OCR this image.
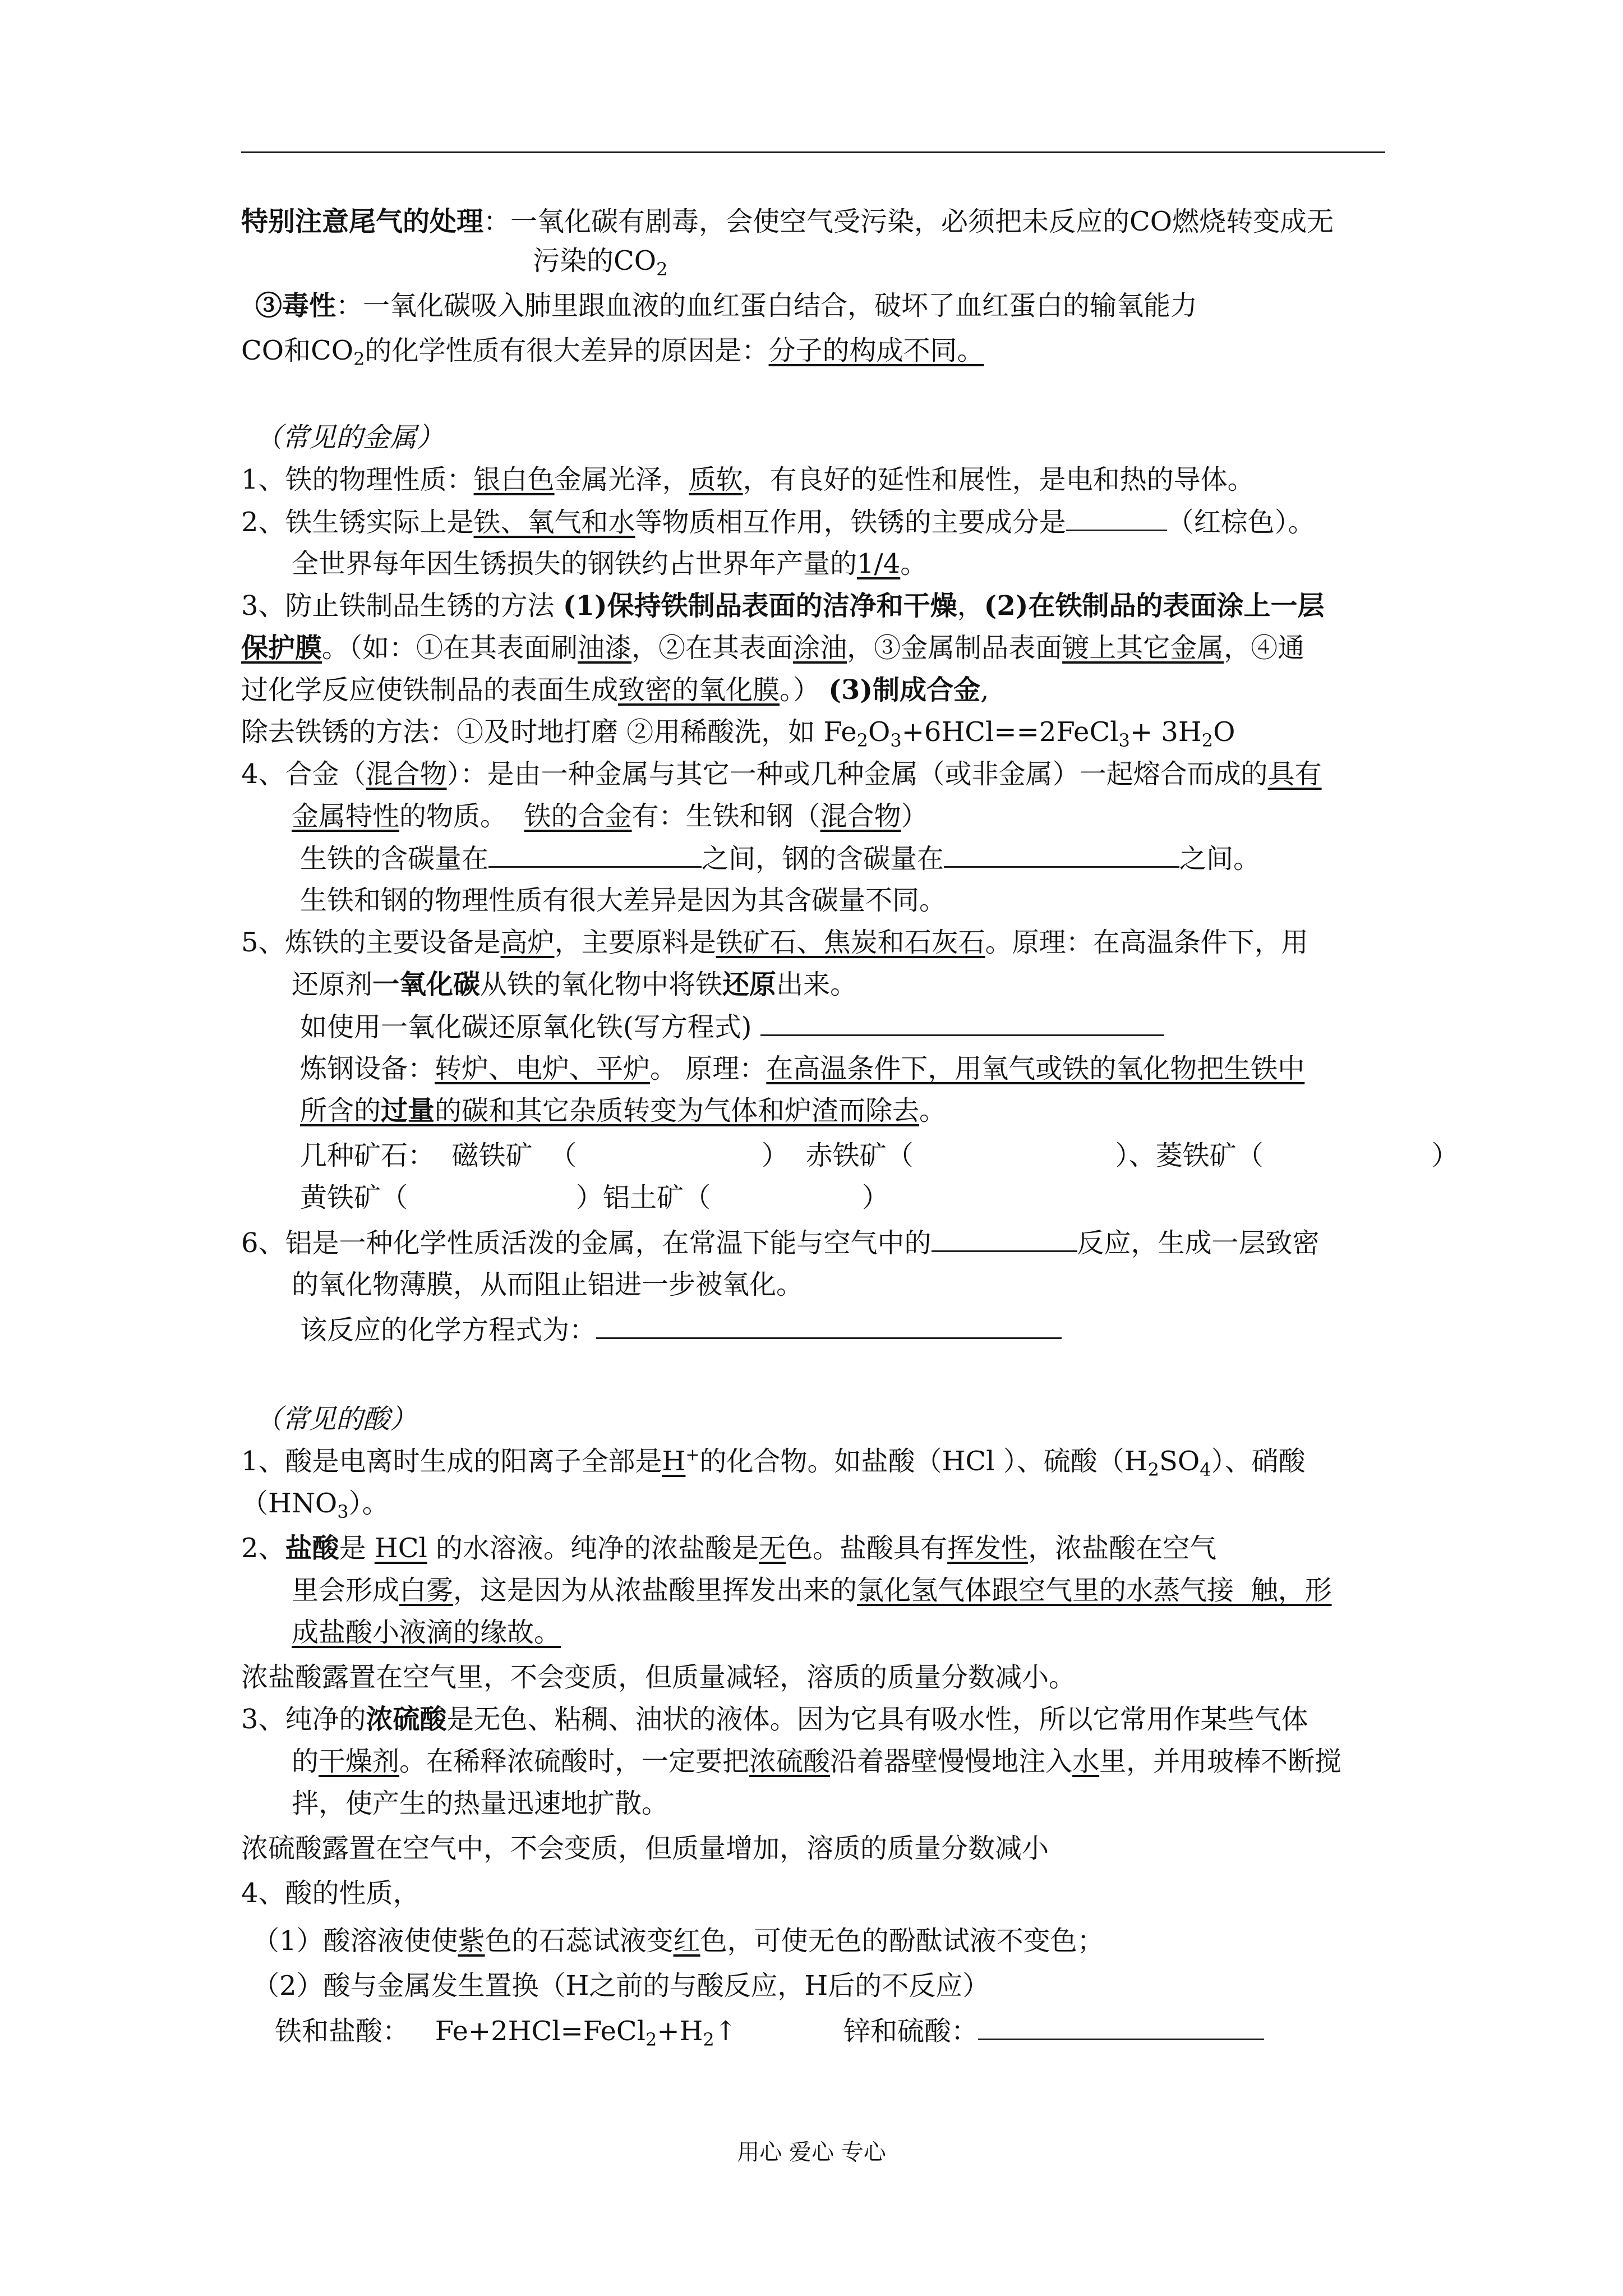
特别注意尾气的处理：一氧化碳有剧毒，会使空气受污染，必须把未反应的CO燃烧转变成无
污染的$CO_2$
③毒性：一氧化碳吸入肺里跟血液的血红蛋白结合，破坏了血红蛋白的输氧能力
CO和$CO_2$的化学性质有很大差异的原因是：分子的构成不同。
（常见的金属）
1、铁的物理性质：银白色金属光泽，质软，有良好的延性和展性，是电和热的导体。
2、铁生锈实际上是铁、氧气和水等物质相互作用，铁锈的主要成分是	（红棕色）。
全世界每年因生锈损失的钢铁约占世界年产量的1/4。
3、防止铁制品生锈的方法 (1)保持铁制品表面的洁净和干燥，(2)在铁制品的表面涂上一层
保护膜。（如：①在其表面刷油漆，②在其表面涂油，③金属制品表面镀上其它金属，④通
过化学反应使铁制品的表面生成致密的氧化膜。） (3)制成合金,
除去铁锈的方法：①及时地打磨 ②用稀酸洗，如 $Fe_2O_3+6HCl==2FeCl_3+ 3H_2O$
4、合金（混合物）：是由一种金属与其它一种或几种金属（或非金属）一起熔合而成的具有
金属特性的物质。  铁的合金有：生铁和钢（混合物）
生铁的含碳量在	之间，钢的含碳量在	之间。
生铁和钢的物理性质有很大差异是因为其含碳量不同。
5、炼铁的主要设备是高炉，主要原料是铁矿石、焦炭和石灰石。原理：在高温条件下，用
还原剂一氧化碳从铁的氧化物中将铁还原出来。
如使用一氧化碳还原氧化铁(写方程式)
炼钢设备：转炉、电炉、平炉。 原理：在高温条件下，用氧气或铁的氧化物把生铁中
所含的过量的碳和其它杂质转变为气体和炉渣而除去。
几种矿石：  磁铁矿  （	）  赤铁矿（	）、菱铁矿（	）
黄铁矿（	）铝土矿（	）
6、铝是一种化学性质活泼的金属，在常温下能与空气中的	反应，生成一层致密
的氧化物薄膜，从而阻止铝进一步被氧化。
该反应的化学方程式为：
（常见的酸）
1、酸是电离时生成的阳离子全部是H+的化合物。如盐酸（HCl ）、硫酸$(H_2SO_4)$、硝酸
$(HNO_3)$。
2、盐酸是 HCl 的水溶液。纯净的浓盐酸是无色。盐酸具有挥发性，浓盐酸在空气
里会形成白雾，这是因为从浓盐酸里挥发出来的氯化氢气体跟空气里的水蒸气接  触，形
成盐酸小液滴的缘故。
浓盐酸露置在空气里，不会变质，但质量减轻，溶质的质量分数减小。
3、纯净的浓硫酸是无色、粘稠、油状的液体。因为它具有吸水性，所以它常用作某些气体
的干燥剂。在稀释浓硫酸时，一定要把浓硫酸沿着器壁慢慢地注入水里，并用玻棒不断搅
拌，使产生的热量迅速地扩散。
浓硫酸露置在空气中，不会变质，但质量增加，溶质的质量分数减小
4、酸的性质，
（1）酸溶液使使紫色的石蕊试液变红色，可使无色的酚酞试液不变色；
（2）酸与金属发生置换（H之前的与酸反应，H后的不反应）
铁和盐酸：   $Fe+2HCl=FeCl_2+H_2↑$	锌和硫酸：
用心 爱心 专心
